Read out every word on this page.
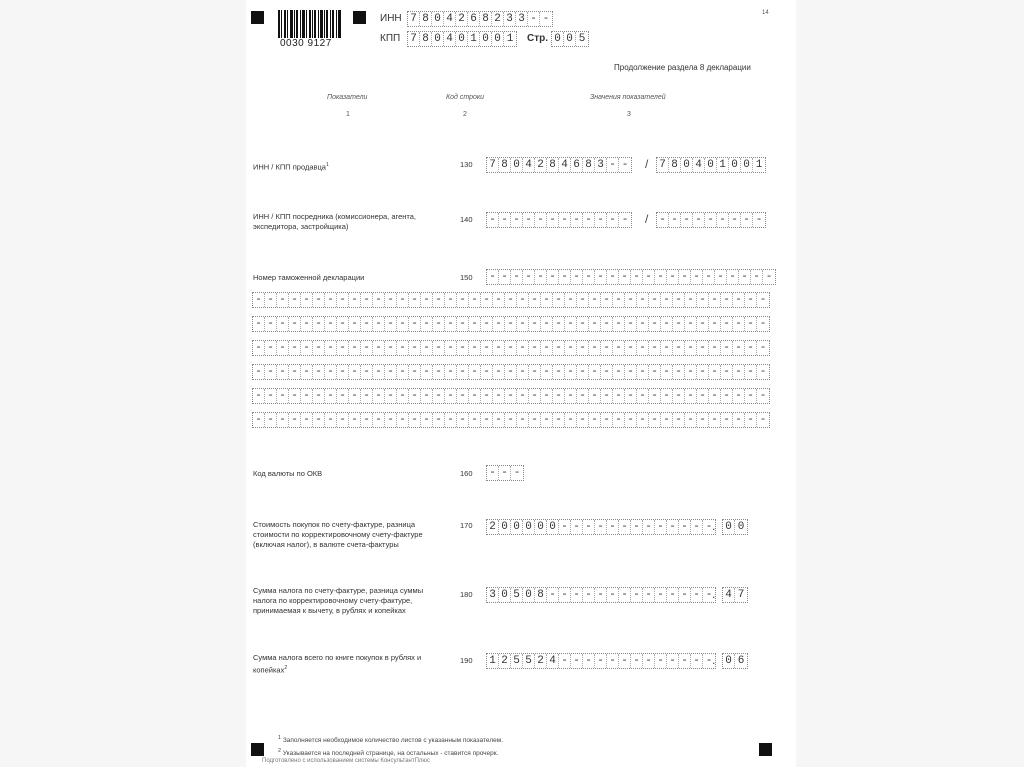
0030 9127
ИНН 7 8 0 4 2 6 8 2 3 3 - -
КПП 7 8 0 4 0 1 0 0 1 Стр. 0 0 5
14
Продолжение раздела 8 декларации
Показатели	Код строки	Значения показателей
1	2	3
ИНН / КПП продавца$^1$	130 7 8 0 4 2 8 4 6 8 3 - - / 7 8 0 4 0 1 0 0 1
ИНН / КПП посредника (комиссионера, агента, экспедитора, застройщика)
140 - - - - - - - - - - - - / - - - - - - - - -
Номер таможенной декларации	150 - - - - - - - - - - - - - - - - - - - - - - - -
- - - - - - - - - - - - - - - - - - - - - - - - - - - - - - - - - - - - - - - - - - -
- - - - - - - - - - - - - - - - - - - - - - - - - - - - - - - - - - - - - - - - - - -
- - - - - - - - - - - - - - - - - - - - - - - - - - - - - - - - - - - - - - - - - - -
- - - - - - - - - - - - - - - - - - - - - - - - - - - - - - - - - - - - - - - - - - -
- - - - - - - - - - - - - - - - - - - - - - - - - - - - - - - - - - - - - - - - - - -
- - - - - - - - - - - - - - - - - - - - - - - - - - - - - - - - - - - - - - - - - - -
Код валюты по ОКВ	160 - - -
Стоимость покупок по счету-фактуре, разница стоимости по корректировочному счету-фактуре (включая налог), в валюте счета-фактуры
170 2 0 0 0 0 0 - - - - - - - - - - - - - . 0 0
Сумма налога по счету-фактуре, разница суммы налога по корректировочному счету-фактуре, принимаемая к вычету, в рублях и копейках
180 3 0 5 0 8 - - - - - - - - - - - - - - . 4 7
Сумма налога всего по книге покупок в рублях и копейках$^2$
190 1 2 5 5 2 4 - - - - - - - - - - - - - . 0 6
$^1$ Заполняется необходимое количество листов с указанным показателем.
$^2$ Указывается на последней странице, на остальных - ставится прочерк.
Подготовлено с использованием системы КонсультантПлюс
